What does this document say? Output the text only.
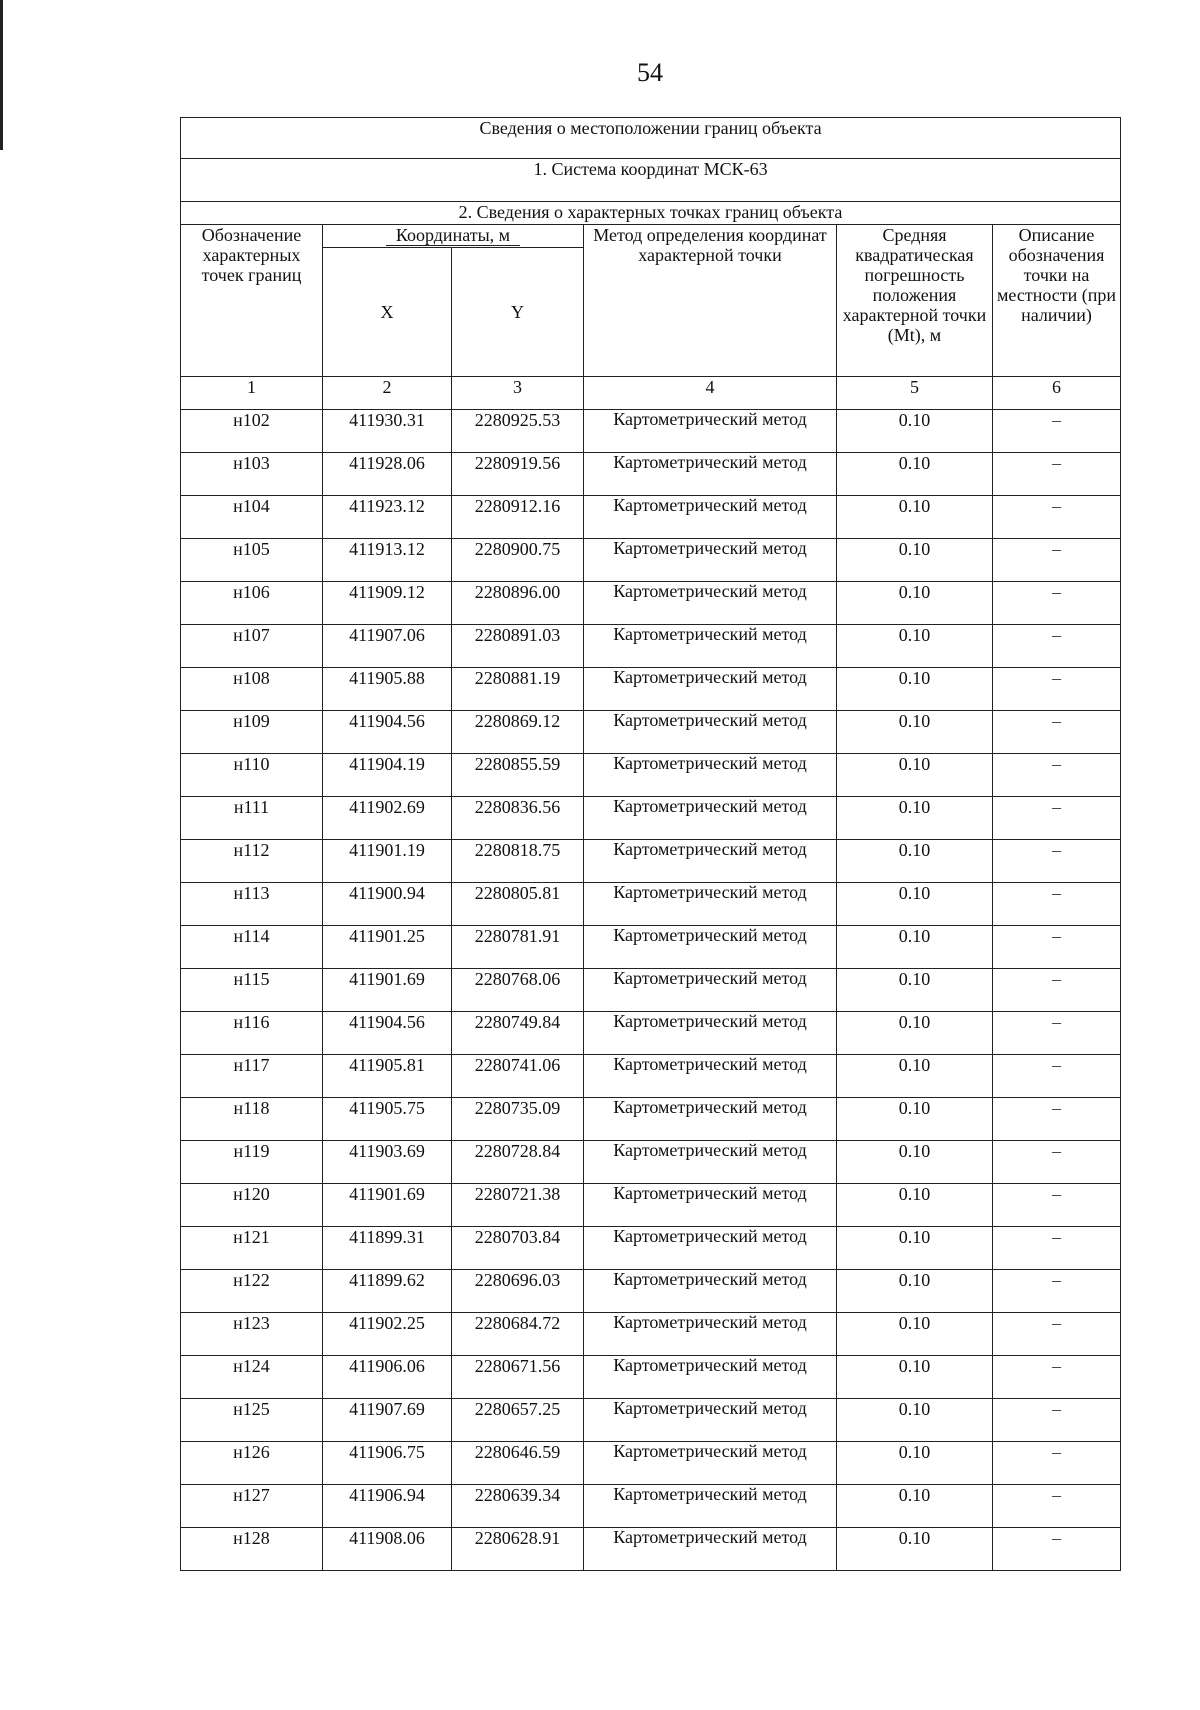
54
Сведения о местоположении границ объекта					
1. Система координат МСК-63					
2. Сведения о характерных точках границ объекта					
Обозначение характерных точек границ	Координаты, м		Метод определения координат характерной точки	Средняя квадратическая погрешность положения характерной точки (Mt), м	Описание обозначения точки на местности (при наличии)
	X	Y			
1	2	3	4	5	6
н102	411930.31	2280925.53	Картометрический метод	0.10	–
н103	411928.06	2280919.56	Картометрический метод	0.10	–
н104	411923.12	2280912.16	Картометрический метод	0.10	–
н105	411913.12	2280900.75	Картометрический метод	0.10	–
н106	411909.12	2280896.00	Картометрический метод	0.10	–
н107	411907.06	2280891.03	Картометрический метод	0.10	–
н108	411905.88	2280881.19	Картометрический метод	0.10	–
н109	411904.56	2280869.12	Картометрический метод	0.10	–
н110	411904.19	2280855.59	Картометрический метод	0.10	–
н111	411902.69	2280836.56	Картометрический метод	0.10	–
н112	411901.19	2280818.75	Картометрический метод	0.10	–
н113	411900.94	2280805.81	Картометрический метод	0.10	–
н114	411901.25	2280781.91	Картометрический метод	0.10	–
н115	411901.69	2280768.06	Картометрический метод	0.10	–
н116	411904.56	2280749.84	Картометрический метод	0.10	–
н117	411905.81	2280741.06	Картометрический метод	0.10	–
н118	411905.75	2280735.09	Картометрический метод	0.10	–
н119	411903.69	2280728.84	Картометрический метод	0.10	–
н120	411901.69	2280721.38	Картометрический метод	0.10	–
н121	411899.31	2280703.84	Картометрический метод	0.10	–
н122	411899.62	2280696.03	Картометрический метод	0.10	–
н123	411902.25	2280684.72	Картометрический метод	0.10	–
н124	411906.06	2280671.56	Картометрический метод	0.10	–
н125	411907.69	2280657.25	Картометрический метод	0.10	–
н126	411906.75	2280646.59	Картометрический метод	0.10	–
н127	411906.94	2280639.34	Картометрический метод	0.10	–
н128	411908.06	2280628.91	Картометрический метод	0.10	–
